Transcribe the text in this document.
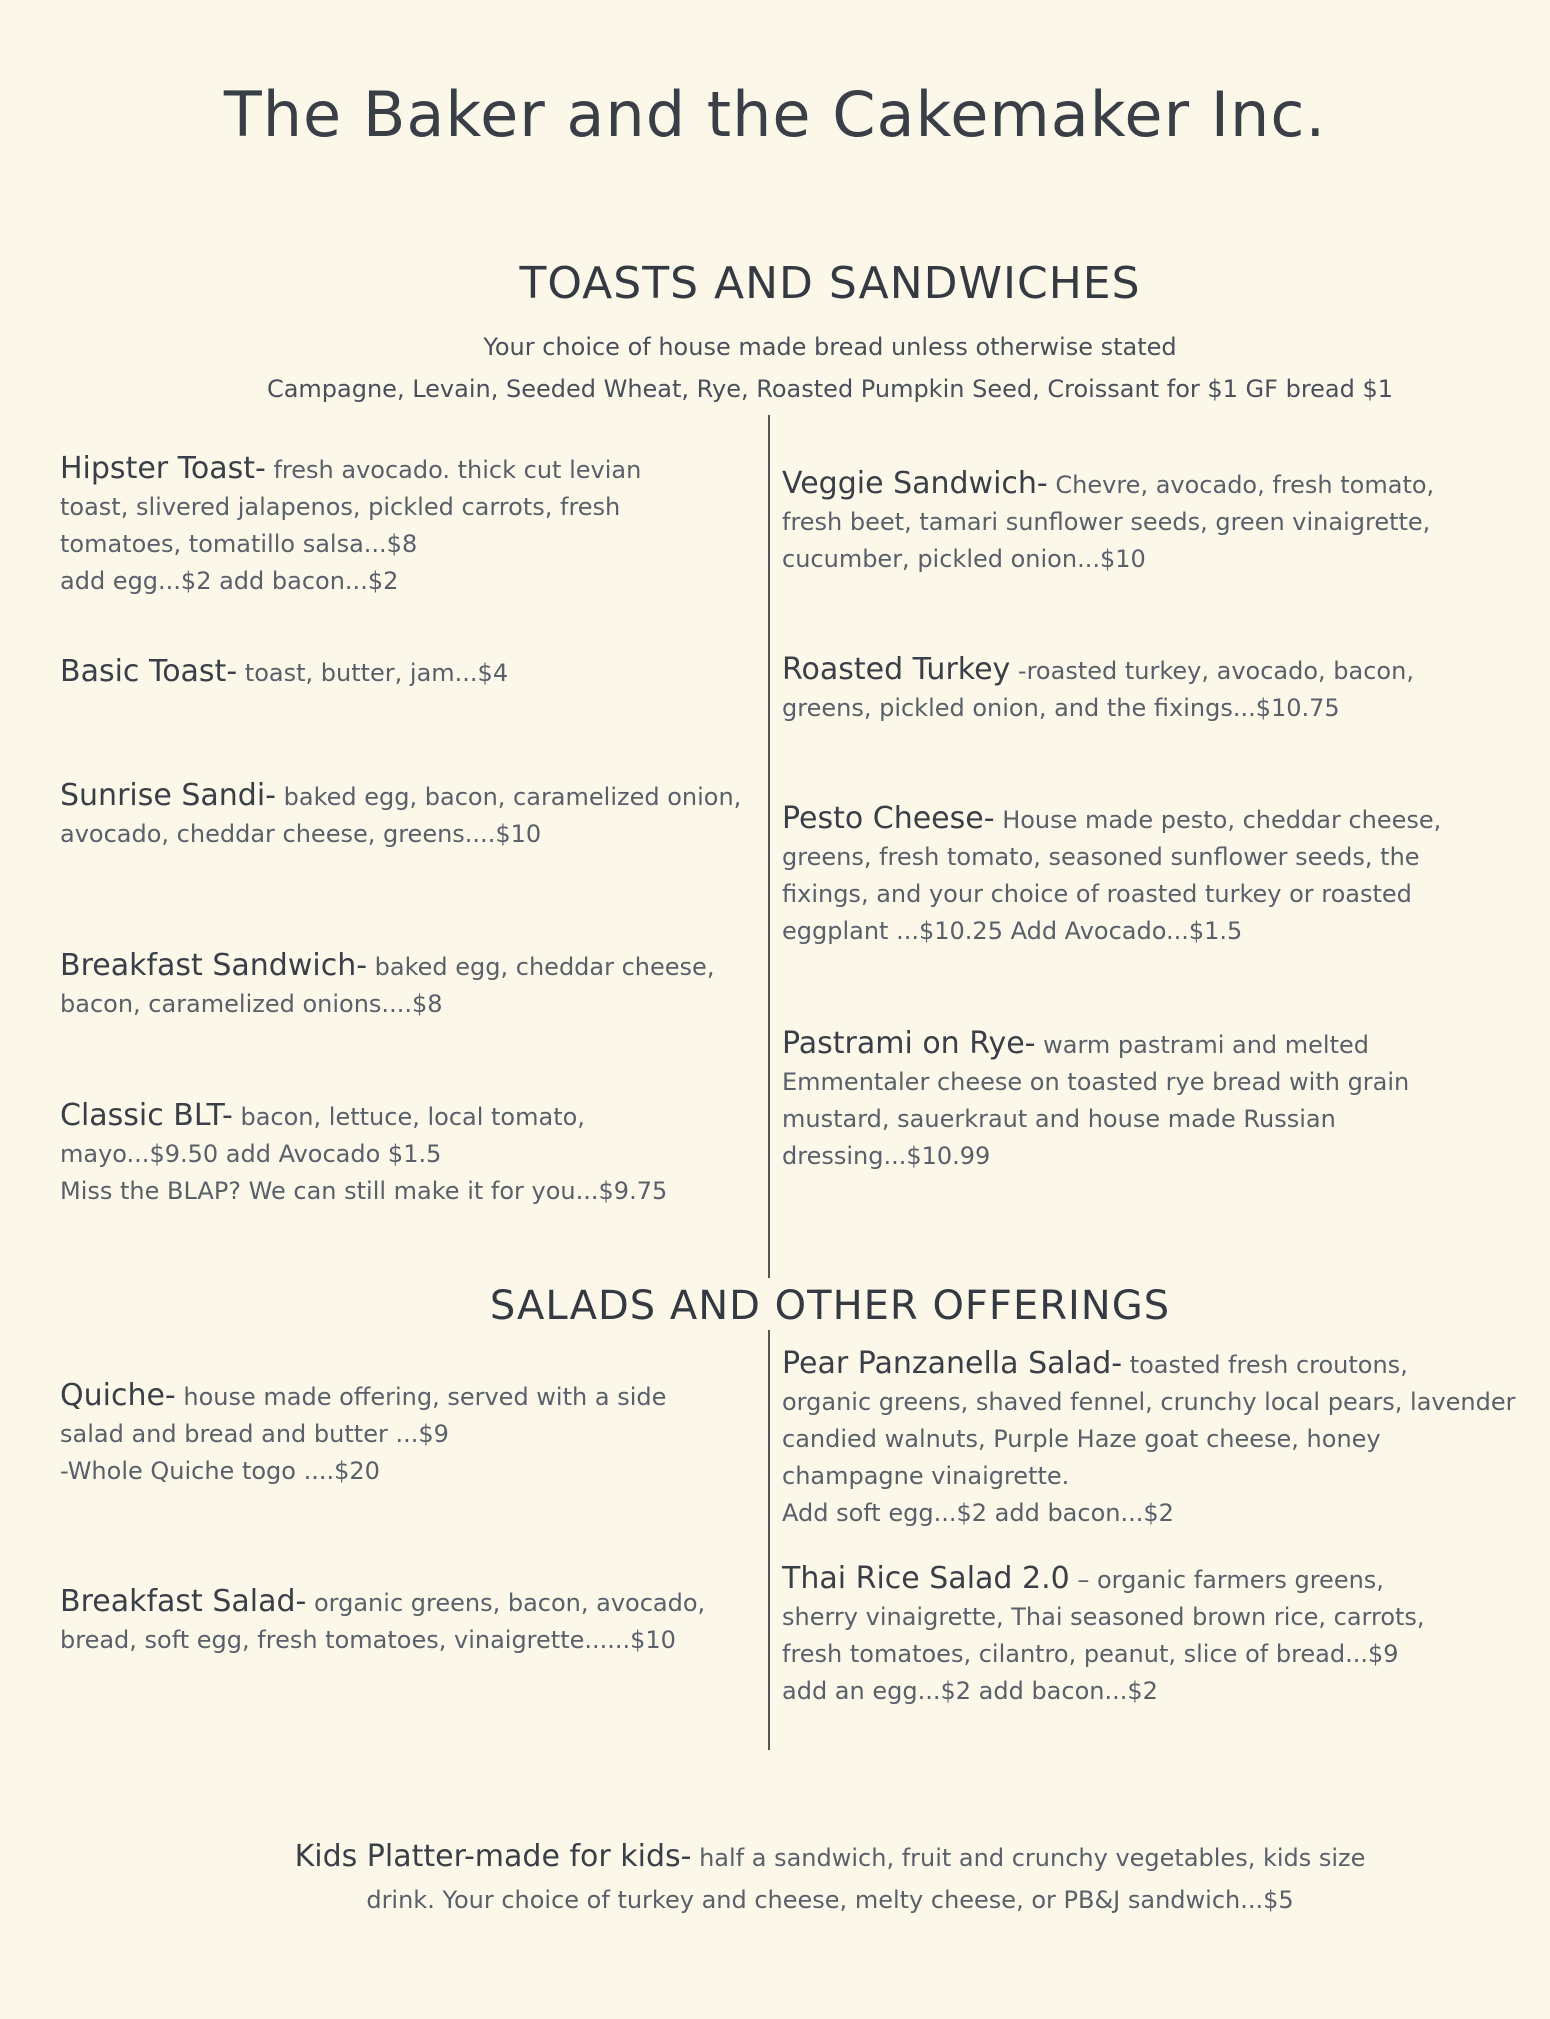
The Baker and the Cakemaker Inc.
TOASTS AND SANDWICHES
Your choice of house made bread unless otherwise stated
Campagne, Levain, Seeded Wheat, Rye, Roasted Pumpkin Seed, Croissant for $1 GF bread $1
SALADS AND OTHER OFFERINGS
Hipster Toast- fresh avocado. thick cut levian
toast, slivered jalapenos, pickled carrots, fresh
tomatoes, tomatillo salsa...$8
add egg...$2 add bacon...$2
Basic Toast- toast, butter, jam...$4
Sunrise Sandi- baked egg, bacon, caramelized onion,
avocado, cheddar cheese, greens....$10
Breakfast Sandwich- baked egg, cheddar cheese,
bacon, caramelized onions....$8
Classic BLT- bacon, lettuce, local tomato,
mayo...$9.50 add Avocado $1.5
Miss the BLAP? We can still make it for you...$9.75
Veggie Sandwich- Chevre, avocado, fresh tomato,
fresh beet, tamari sunflower seeds, green vinaigrette,
cucumber, pickled onion...$10
Roasted Turkey -roasted turkey, avocado, bacon,
greens, pickled onion, and the fixings...$10.75
Pesto Cheese- House made pesto, cheddar cheese,
greens, fresh tomato, seasoned sunflower seeds, the
fixings, and your choice of roasted turkey or roasted
eggplant ...$10.25 Add Avocado...$1.5
Pastrami on Rye- warm pastrami and melted
Emmentaler cheese on toasted rye bread with grain
mustard, sauerkraut and house made Russian
dressing...$10.99
Quiche- house made offering, served with a side
salad and bread and butter ...$9
-Whole Quiche togo ....$20
Breakfast Salad- organic greens, bacon, avocado,
bread, soft egg, fresh tomatoes, vinaigrette......$10
Pear Panzanella Salad- toasted fresh croutons,
organic greens, shaved fennel, crunchy local pears, lavender
candied walnuts, Purple Haze goat cheese, honey
champagne vinaigrette.
Add soft egg...$2 add bacon...$2
Thai Rice Salad 2.0 – organic farmers greens,
sherry vinaigrette, Thai seasoned brown rice, carrots,
fresh tomatoes, cilantro, peanut, slice of bread...$9
add an egg...$2 add bacon...$2
Kids Platter-made for kids- half a sandwich, fruit and crunchy vegetables, kids size
drink. Your choice of turkey and cheese, melty cheese, or PB&J sandwich...$5
